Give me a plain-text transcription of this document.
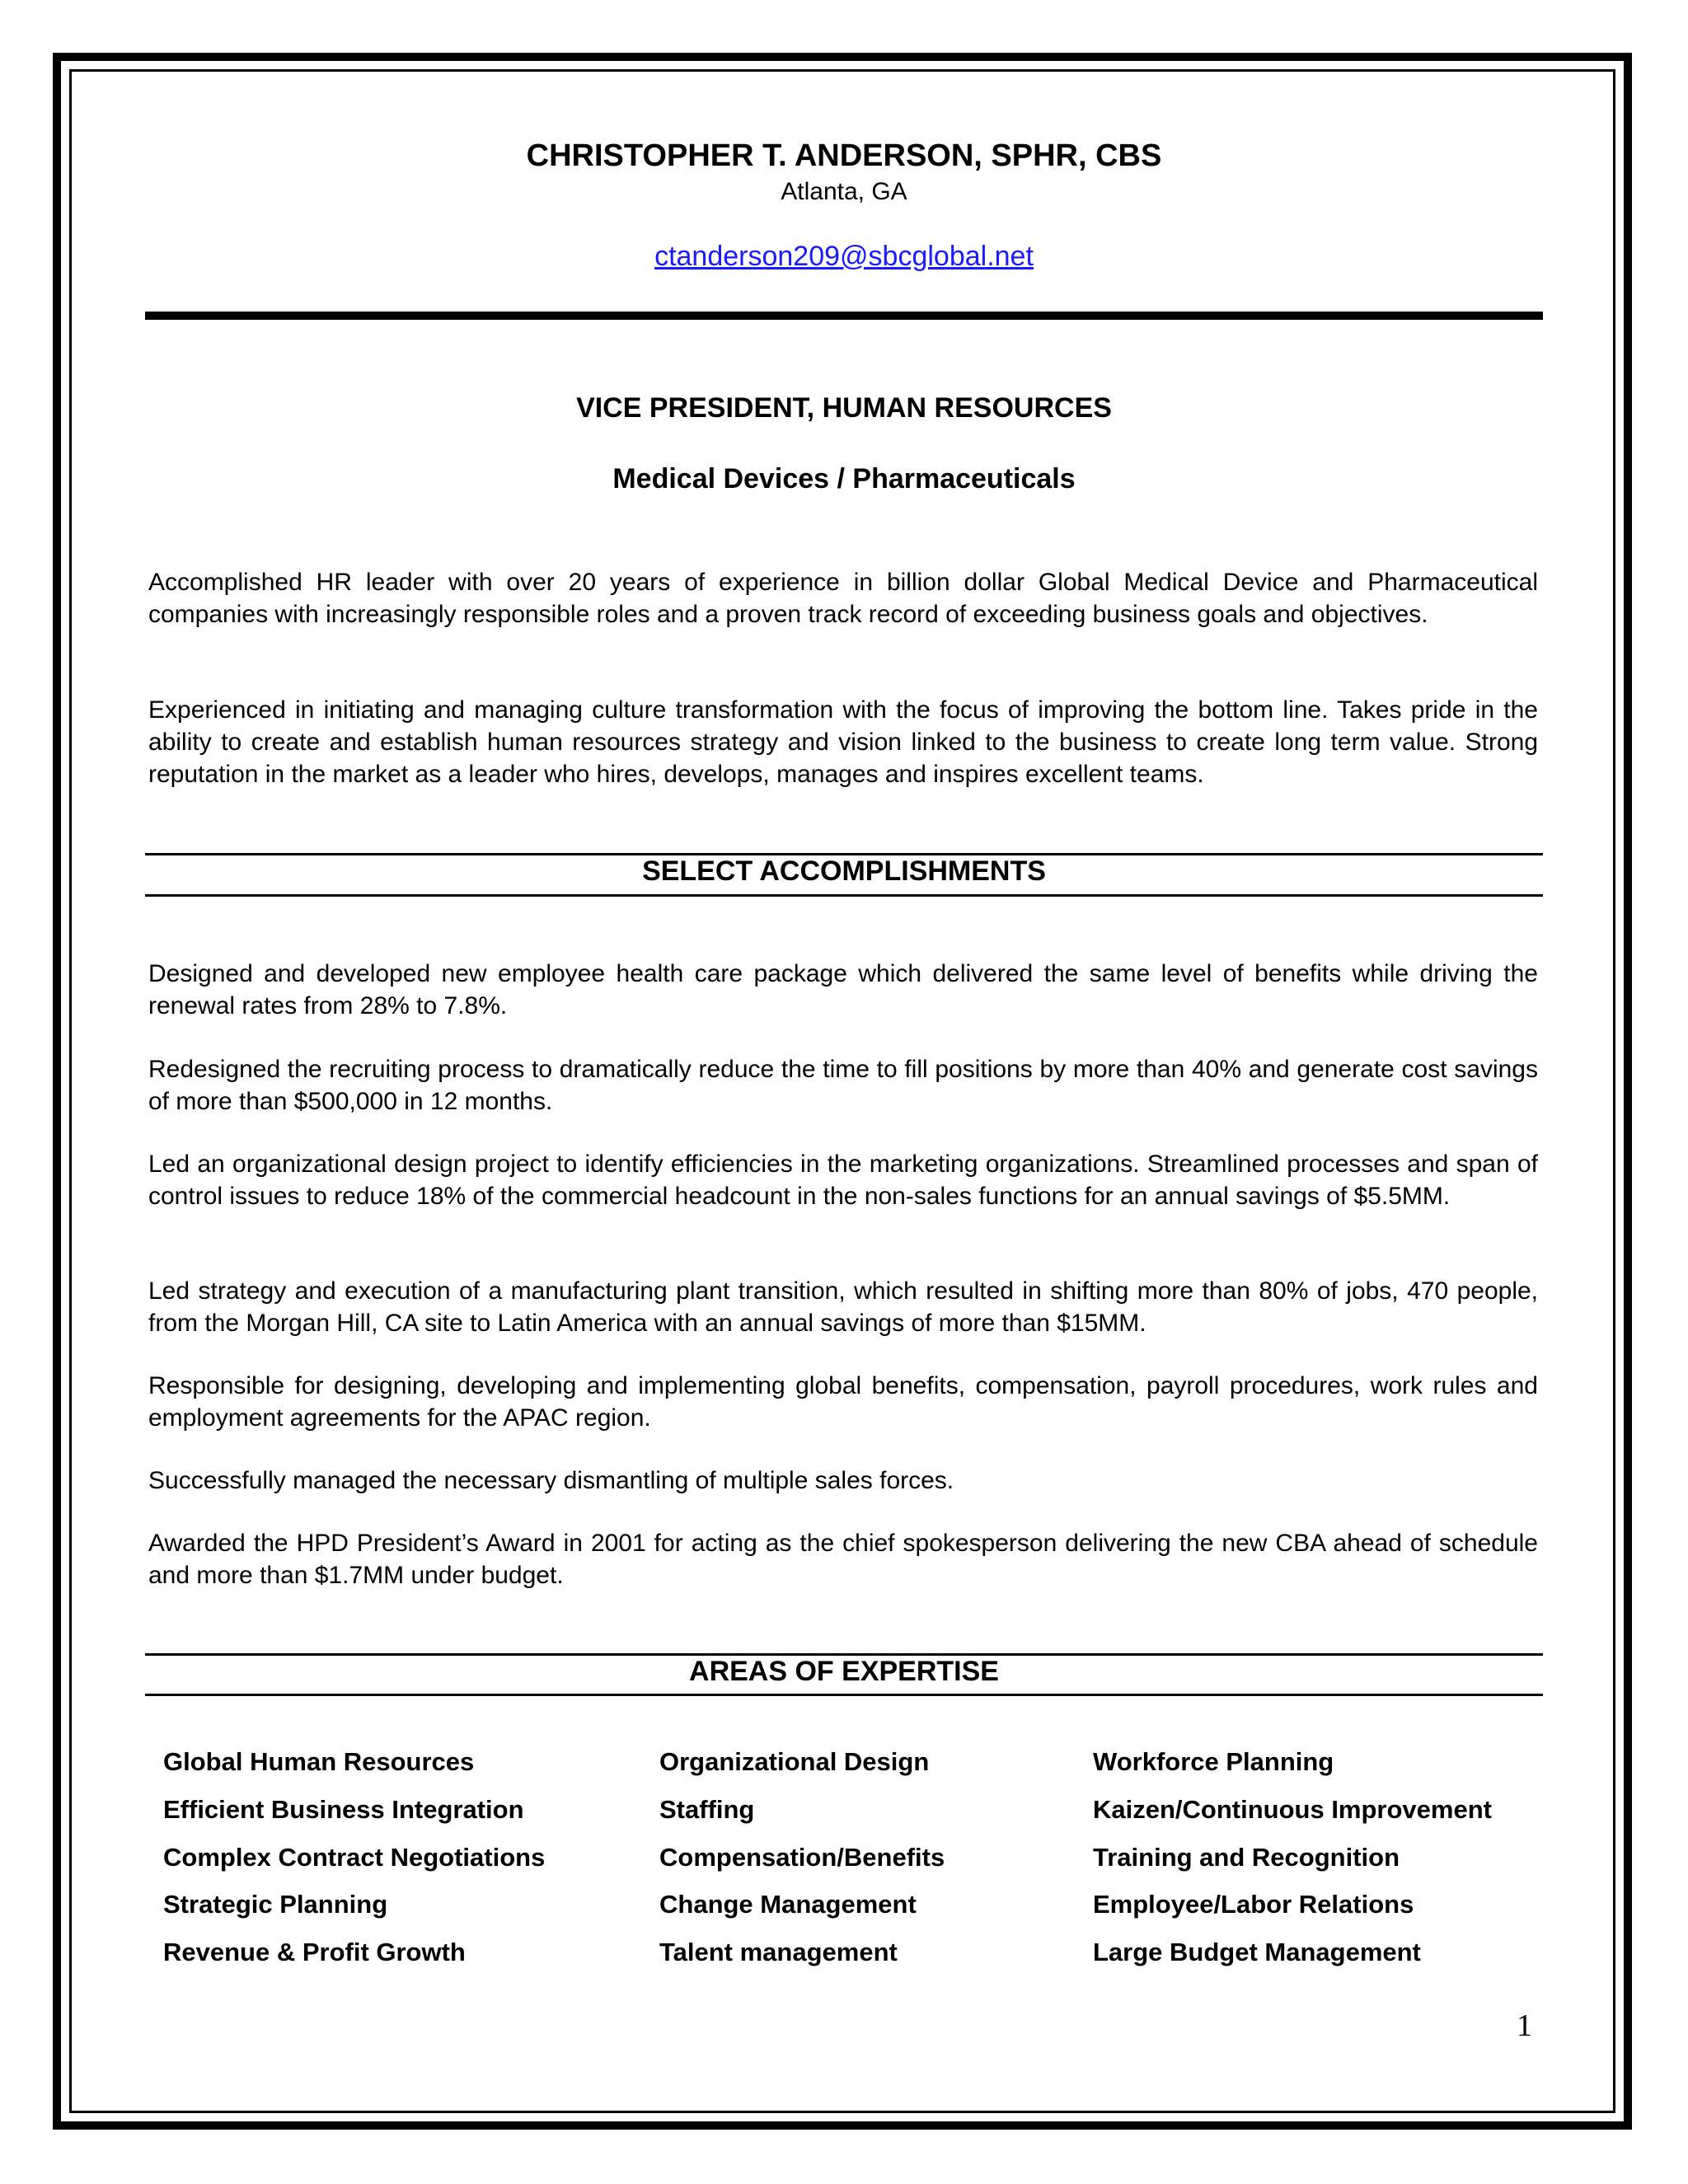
CHRISTOPHER T. ANDERSON, SPHR, CBS
Atlanta, GA
ctanderson209@sbcglobal.net
VICE PRESIDENT, HUMAN RESOURCES
Medical Devices / Pharmaceuticals
Accomplished HR leader with over 20 years of experience in billion dollar Global Medical Device and Pharmaceutical companies with increasingly responsible roles and a proven track record of exceeding business goals and objectives.
Experienced in initiating and managing culture transformation with the focus of improving the bottom line. Takes pride in the ability to create and establish human resources strategy and vision linked to the business to create long term value. Strong reputation in the market as a leader who hires, develops, manages and inspires excellent teams.
SELECT ACCOMPLISHMENTS
Designed and developed new employee health care package which delivered the same level of benefits while driving the renewal rates from 28% to 7.8%.
Redesigned the recruiting process to dramatically reduce the time to fill positions by more than 40% and generate cost savings of more than $500,000 in 12 months.
Led an organizational design project to identify efficiencies in the marketing organizations. Streamlined processes and span of control issues to reduce 18% of the commercial headcount in the non-sales functions for an annual savings of $5.5MM.
Led strategy and execution of a manufacturing plant transition, which resulted in shifting more than 80% of jobs, 470 people, from the Morgan Hill, CA site to Latin America with an annual savings of more than $15MM.
Responsible for designing, developing and implementing global benefits, compensation, payroll procedures, work rules and employment agreements for the APAC region.
Successfully managed the necessary dismantling of multiple sales forces.
Awarded the HPD President’s Award in 2001 for acting as the chief spokesperson delivering the new CBA ahead of schedule and more than $1.7MM under budget.
AREAS OF EXPERTISE
Global Human Resources	Organizational Design	Workforce Planning
Efficient Business Integration	Staffing	Kaizen/Continuous Improvement
Complex Contract Negotiations	Compensation/Benefits	Training and Recognition
Strategic Planning	Change Management	Employee/Labor Relations
Revenue & Profit Growth	Talent management	Large Budget Management
1
